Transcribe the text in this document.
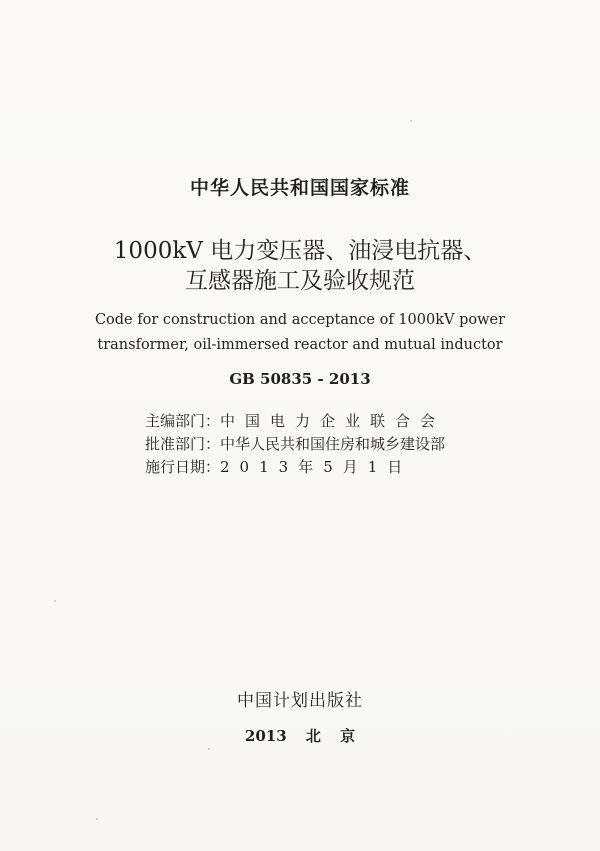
中华人民共和国国家标准
1000kV 电力变压器、油浸电抗器、
互感器施工及验收规范
Code for construction and acceptance of 1000kV power
transformer, oil-immersed reactor and mutual inductor
GB 50835 - 2013
主编部门：中国电力企业联合会
批准部门：中华人民共和国住房和城乡建设部
施行日期：2013年5月1日
中国计划出版社
2013 北 京
